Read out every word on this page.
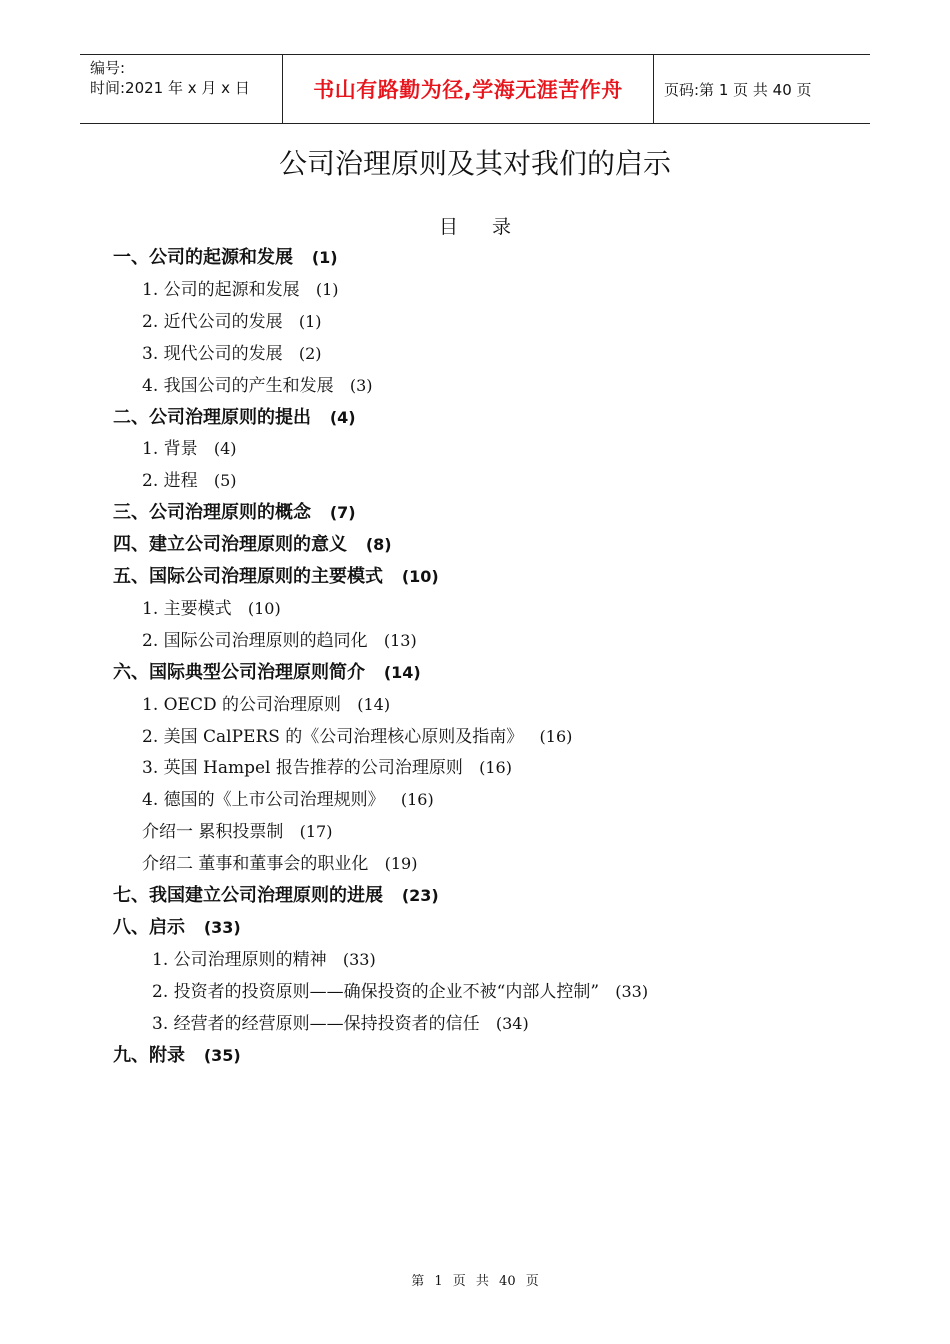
编号:
时间:2021 年 x 月 x 日	书山有路勤为径,学海无涯苦作舟	页码:第 1 页 共 40 页
公司治理原则及其对我们的启示
目 录
一、公司的起源和发展 (1)
1. 公司的起源和发展 (1)
2. 近代公司的发展 (1)
3. 现代公司的发展 (2)
4. 我国公司的产生和发展 (3)
二、公司治理原则的提出 (4)
1. 背景 (4)
2. 进程 (5)
三、公司治理原则的概念 (7)
四、建立公司治理原则的意义 (8)
五、国际公司治理原则的主要模式 (10)
1. 主要模式 (10)
2. 国际公司治理原则的趋同化 (13)
六、国际典型公司治理原则简介 (14)
1. OECD 的公司治理原则 (14)
2. 美国 CalPERS 的《公司治理核心原则及指南》 (16)
3. 英国 Hampel 报告推荐的公司治理原则 (16)
4. 德国的《上市公司治理规则》 (16)
介绍一 累积投票制 (17)
介绍二 董事和董事会的职业化 (19)
七、我国建立公司治理原则的进展 (23)
八、启示 (33)
1. 公司治理原则的精神 (33)
2. 投资者的投资原则——确保投资的企业不被“内部人控制” (33)
3. 经营者的经营原则——保持投资者的信任 (34)
九、附录 (35)
第 1 页 共 40 页
